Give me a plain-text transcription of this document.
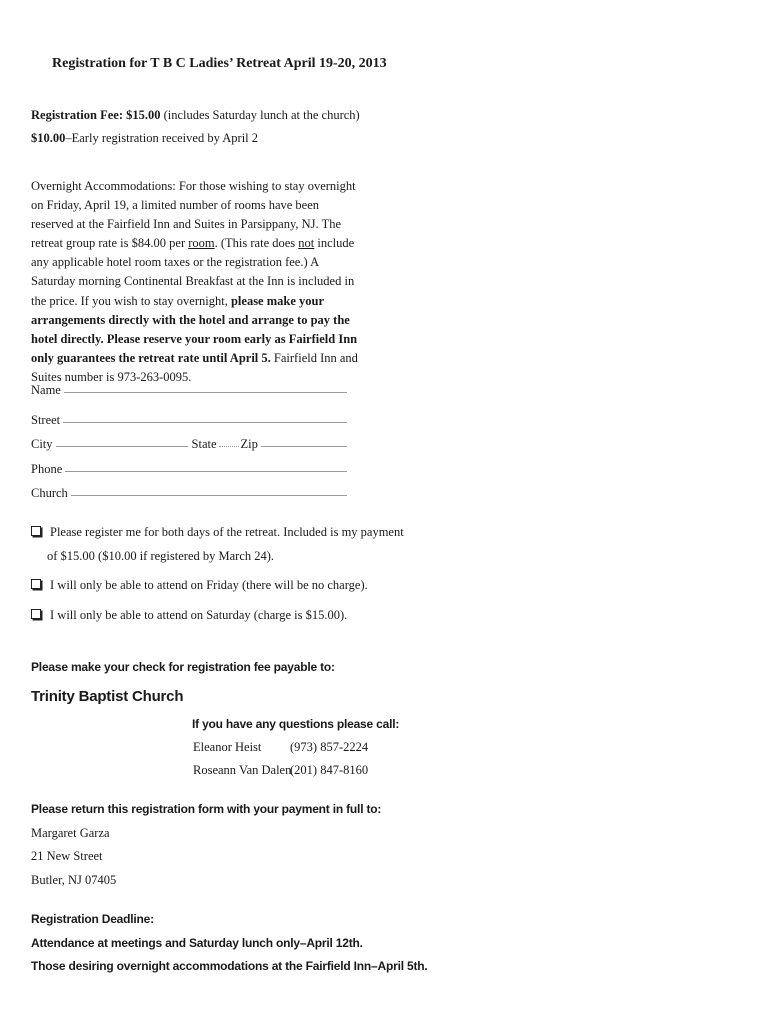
Registration for T B C Ladies’ Retreat April 19-20, 2013
Registration Fee: $15.00 (includes Saturday lunch at the church)
$10.00–Early registration received by April 2
Overnight Accommodations: For those wishing to stay overnight on Friday, April 19, a limited number of rooms have been reserved at the Fairfield Inn and Suites in Parsippany, NJ. The retreat group rate is $84.00 per room. (This rate does not include any applicable hotel room taxes or the registration fee.) A Saturday morning Continental Breakfast at the Inn is included in the price. If you wish to stay overnight, please make your arrangements directly with the hotel and arrange to pay the hotel directly. Please reserve your room early as Fairfield Inn only guarantees the retreat rate until April 5. Fairfield Inn and Suites number is 973-263-0095.
Name
Street
City	State Zip
Phone
Church
Please register me for both days of the retreat. Included is my payment
of $15.00 ($10.00 if registered by March 24).
I will only be able to attend on Friday (there will be no charge).
I will only be able to attend on Saturday (charge is $15.00).
Please make your check for registration fee payable to:
Trinity Baptist Church
If you have any questions please call:
Eleanor Heist (973) 857-2224
Roseann Van Dalen
(201) 847-8160
Please return this registration form with your payment in full to:
Margaret Garza
21 New Street
Butler, NJ 07405
Registration Deadline:
Attendance at meetings and Saturday lunch only–April 12th.
Those desiring overnight accommodations at the Fairfield Inn–April 5th.
